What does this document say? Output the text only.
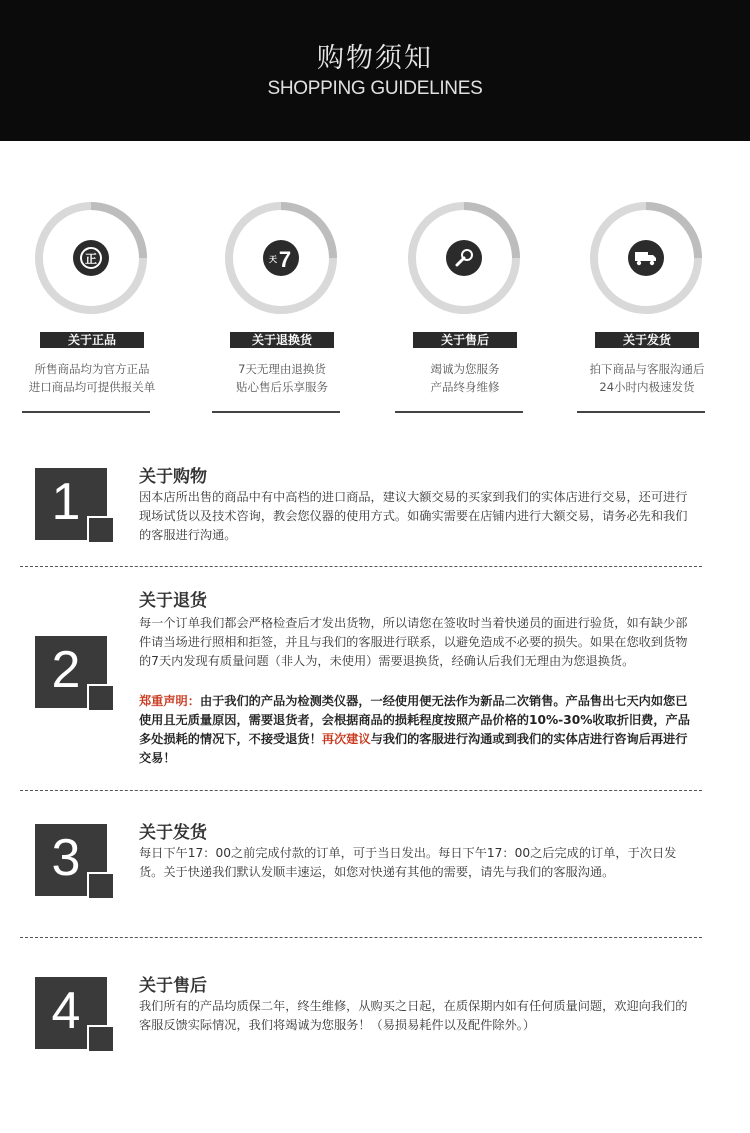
购物须知
SHOPPING GUIDELINES
正
关于正品
所售商品均为官方正品
进口商品均可提供报关单
天 7
关于退换货
7天无理由退换货
贴心售后乐享服务
关于售后
竭诚为您服务
产品终身维修
关于发货
拍下商品与客服沟通后
24小时内极速发货
1	关于购物
因本店所出售的商品中有中高档的进口商品，建议大额交易的买家到我们的实体店进行交易，还可进行现场试货以及技术咨询，教会您仪器的使用方式。如确实需要在店铺内进行大额交易，请务必先和我们的客服进行沟通。
2
关于退货
每一个订单我们都会严格检查后才发出货物，所以请您在签收时当着快递员的面进行验货，如有缺少部件请当场进行照相和拒签，并且与我们的客服进行联系，以避免造成不必要的损失。如果在您收到货物的7天内发现有质量问题（非人为，未使用）需要退换货，经确认后我们无理由为您退换货。
郑重声明：由于我们的产品为检测类仪器，一经使用便无法作为新品二次销售。产品售出七天内如您已使用且无质量原因，需要退货者，会根据商品的损耗程度按照产品价格的10%-30%收取折旧费，产品多处损耗的情况下，不接受退货！再次建议与我们的客服进行沟通或到我们的实体店进行咨询后再进行交易！
3	关于发货
每日下午17：00之前完成付款的订单，可于当日发出。每日下午17：00之后完成的订单，于次日发货。关于快递我们默认发顺丰速运，如您对快递有其他的需要，请先与我们的客服沟通。
4	关于售后
我们所有的产品均质保二年，终生维修，从购买之日起，在质保期内如有任何质量问题，欢迎向我们的客服反馈实际情况，我们将竭诚为您服务！（易损易耗件以及配件除外。）
